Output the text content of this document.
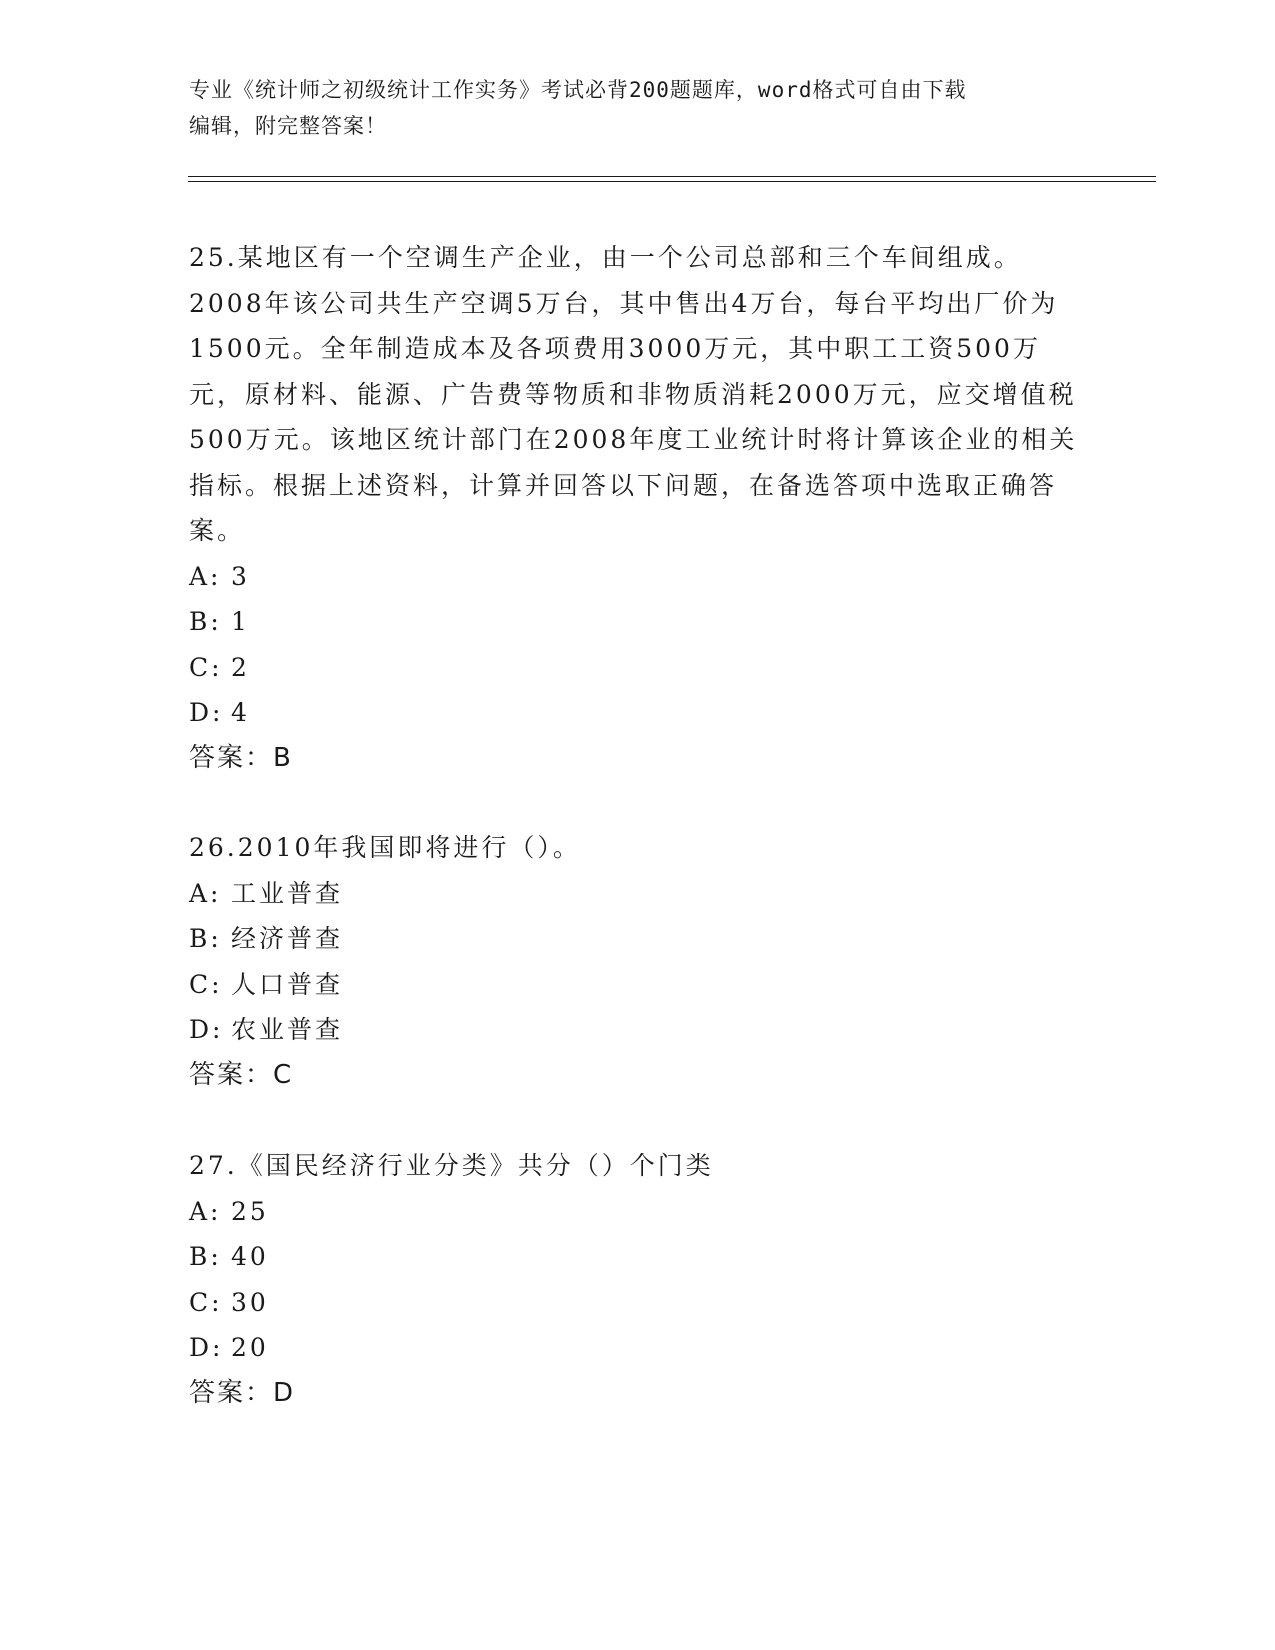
专业《统计师之初级统计工作实务》考试必背200题题库，word格式可自由下载
编辑，附完整答案！

25.某地区有一个空调生产企业，由一个公司总部和三个车间组成。2008年该公司共生产空调5万台，其中售出4万台，每台平均出厂价为1500元。全年制造成本及各项费用3000万元，其中职工工资500万元，原材料、能源、广告费等物质和非物质消耗2000万元，应交增值税500万元。该地区统计部门在2008年度工业统计时将计算该企业的相关指标。根据上述资料，计算并回答以下问题，在备选答项中选取正确答案。

A: 3
B: 1
C: 2
D: 4
答案：B

26.2010年我国即将进行（）。

A: 工业普查
B: 经济普查
C: 人口普查
D: 农业普查
答案：C

27.《国民经济行业分类》共分（）个门类

A: 25
B: 40
C: 30
D: 20
答案：D
